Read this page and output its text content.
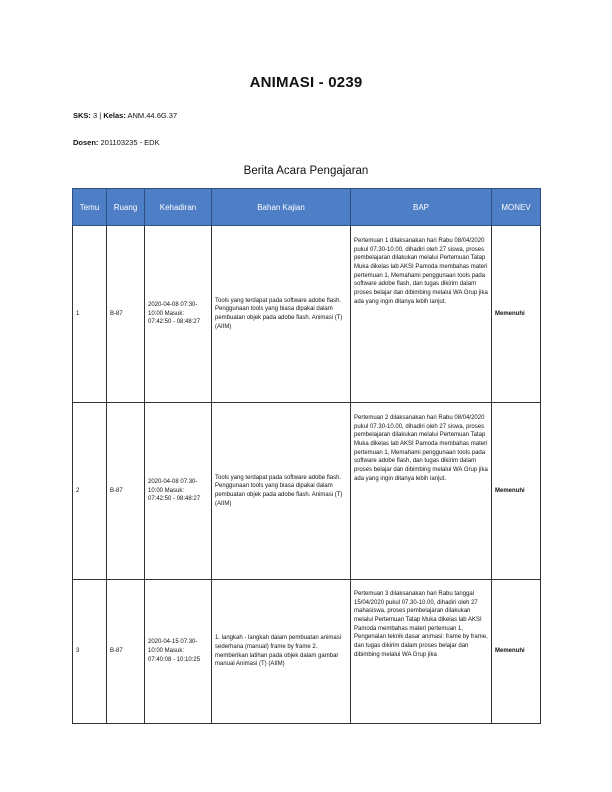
ANIMASI - 0239
SKS: 3 | Kelas: ANM.44.6G.37
Dosen: 201103235 - EDK
Berita Acara Pengajaran
Temu	Ruang	Kehadiran	Bahan Kajian	BAP	MONEV
1	B-87	2020-04-08 07:30-10:00 Masuk: 07:42:50 - 08:48:27	Tools yang terdapat pada software adobe flash. Penggunaan tools yang biasa dipakai dalam pembuatan objek pada adobe flash. Animasi (T) (AIIM)	Pertemuan 1 dilaksanakan hari Rabu 08/04/2020 pukul 07.30-10.00, dihadiri oleh 27 siswa, proses pembelajaran dilakukan melalui Pertemuan Tatap Muka dikelas lab AKSI Pamoda membahas materi pertemuan 1, Memahami penggunaan tools pada software adobe flash, dan tugas dikirim dalam proses belajar dan dibimbing melalui WA Grup jika ada yang ingin ditanya lebih lanjut.	Memenuhi
2	B-87	2020-04-08 07:30-10:00 Masuk: 07:42:50 - 08:48:27	Tools yang terdapat pada software adobe flash. Penggunaan tools yang biasa dipakai dalam pembuatan objek pada adobe flash. Animasi (T) (AIIM)	Pertemuan 2 dilaksanakan hari Rabu 08/04/2020 pukul 07.30-10.00, dihadiri oleh 27 siswa, proses pembelajaran dilakukan melalui Pertemuan Tatap Muka dikelas lab AKSI Pamoda membahas materi pertemuan 1, Memahami penggunaan tools pada software adobe flash, dan tugas dikirim dalam proses belajar dan dibimbing melalui WA Grup jika ada yang ingin ditanya lebih lanjut.	Memenuhi
3	B-87	2020-04-15 07:30-10:00 Masuk: 07:40:08 - 10:10:25	1. langkah - langkah dalam pembuatan animasi sederhana (manual) frame by frame 2. memberikan latihan pada objek dalam gambar manual Animasi (T) (AIIM)	Pertemuan 3 dilaksanakan hari Rabu tanggal 15/04/2020 pukul 07.30-10.00, dihadiri oleh 27 mahasiswa, proses pembelajaran dilakukan melalui Pertemuan Tatap Muka dikelas lab AKSI Pamoda membahas materi pertemuan 1, Pengenalan teknik dasar animasi: frame by frame, dan tugas dikirim dalam proses belajar dan dibimbing melalui WA Grup jika	Memenuhi
